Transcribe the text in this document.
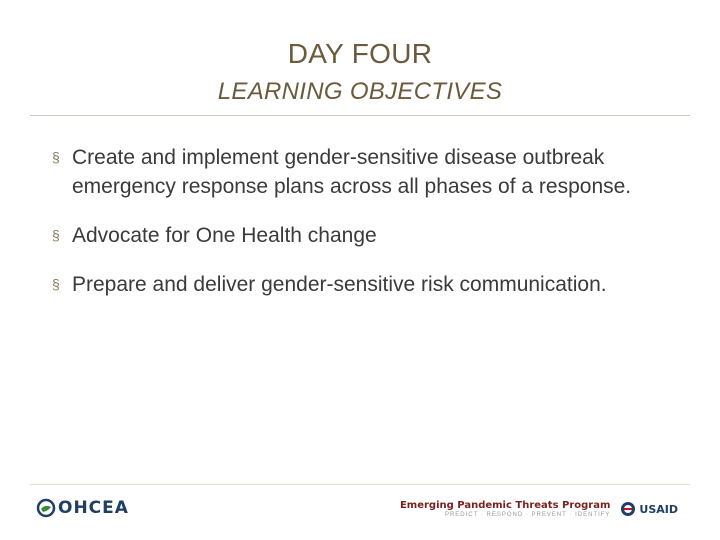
DAY FOUR
LEARNING OBJECTIVES
§ Create and implement gender-sensitive disease outbreak emergency response plans across all phases of a response.
§ Advocate for One Health change
§ Prepare and deliver gender-sensitive risk communication.
OHCEA	Emerging Pandemic Threats Program
PREDICT · RESPOND · PREVENT · IDENTIFY	USAID
